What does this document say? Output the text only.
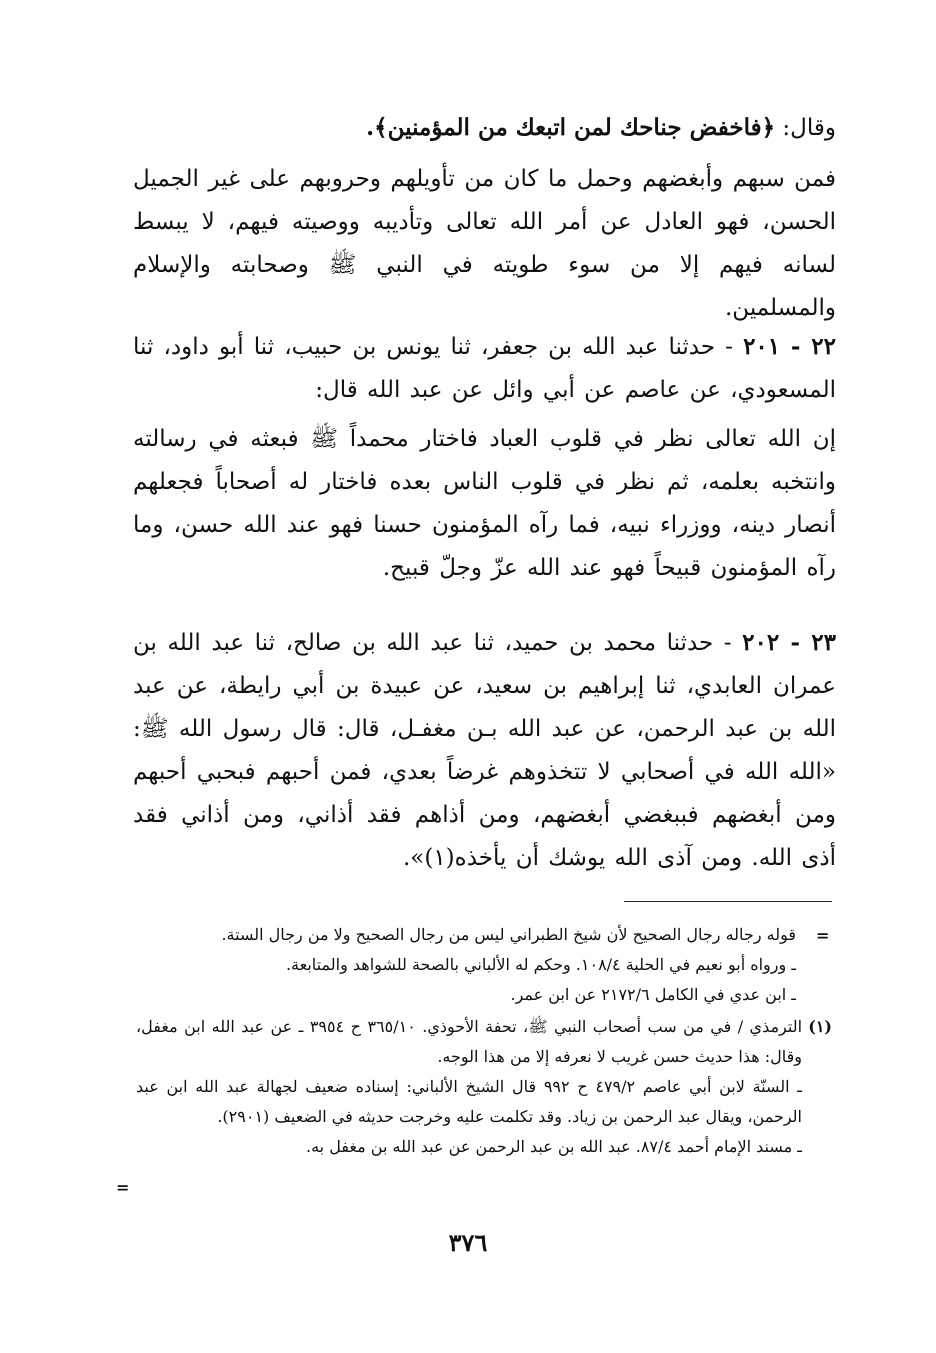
وقال: ﴿فاخفض جناحك لمن اتبعك من المؤمنين﴾.
فمن سبهم وأبغضهم وحمل ما كان من تأويلهم وحروبهم على غير الجميل الحسن، فهو العادل عن أمر الله تعالى وتأديبه ووصيته فيهم، لا يبسط لسانه فيهم إلا من سوء طويته في النبي ﷺ وصحابته والإسلام والمسلمين.
٢٢ - ٢٠١ - حدثنا عبد الله بن جعفر، ثنا يونس بن حبيب، ثنا أبو داود، ثنا المسعودي، عن عاصم عن أبي وائل عن عبد الله قال:
إن الله تعالى نظر في قلوب العباد فاختار محمداً ﷺ فبعثه في رسالته وانتخبه بعلمه، ثم نظر في قلوب الناس بعده فاختار له أصحاباً فجعلهم أنصار دينه، ووزراء نبيه، فما رآه المؤمنون حسنا فهو عند الله حسن، وما رآه المؤمنون قبيحاً فهو عند الله عزّ وجلّ قبيح.
٢٣ - ٢٠٢ - حدثنا محمد بن حميد، ثنا عبد الله بن صالح، ثنا عبد الله بن عمران العابدي، ثنا إبراهيم بن سعيد، عن عبيدة بن أبي رايطة، عن عبد الله بن عبد الرحمن، عن عبد الله بـن مغفـل، قال: قال رسول الله ﷺ: «الله الله في أصحابي لا تتخذوهم غرضاً بعدي، فمن أحبهم فبحبي أحبهم ومن أبغضهم فببغضي أبغضهم، ومن أذاهم فقد أذاني، ومن أذاني فقد أذى الله. ومن آذى الله يوشك أن يأخذه(١)».
=
قوله رجاله رجال الصحيح لأن شيخ الطبراني ليس من رجال الصحيح ولا من رجال الستة.
ـ ورواه أبو نعيم في الحلية ١٠٨/٤. وحكم له الألباني بالصحة للشواهد والمتابعة.
ـ ابن عدي في الكامل ٢١٧٢/٦ عن ابن عمر.
(١)
الترمذي / في من سب أصحاب النبي ﷺ، تحفة الأحوذي. ٣٦٥/١٠ ح ٣٩٥٤ ـ عن عبد الله ابن مغفل، وقال: هذا حديث حسن غريب لا نعرفه إلا من هذا الوجه.
ـ السنّة لابن أبي عاصم ٤٧٩/٢ ح ٩٩٢ قال الشيخ الألباني: إسناده ضعيف لجهالة عبد الله ابن عبد الرحمن، ويقال عبد الرحمن بن زياد. وقد تكلمت عليه وخرجت حديثه في الضعيف (٢٩٠١).
ـ مسند الإمام أحمد ٨٧/٤. عبد الله بن عبد الرحمن عن عبد الله بن مغفل به.
=
٣٧٦
